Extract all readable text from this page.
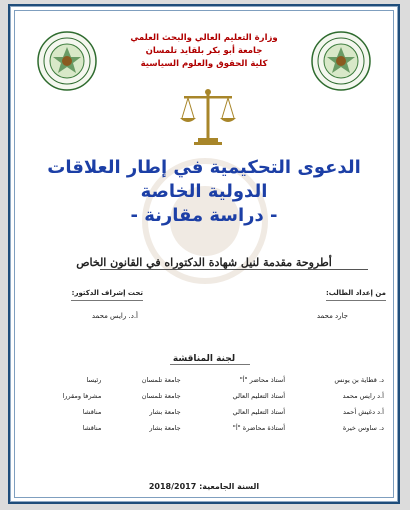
وزارة التعليم العالي والبحث العلمي
جامعة أبو بكر بلقايد تلمسان
كلية الحقوق والعلوم السياسية
الدعوى التحكيمية في إطار العلاقات
الدولية الخاصة
- دراسة مقارنة -
أطروحة مقدمة لنيل شهادة الدكتوراه في القانون الخاص
من إعداد الطالب:
جارد محمد
تحت إشراف الدكتور:
أ.د. رايس محمد
لجنة المناقشة
د. قطاية بن يونس	أستاذ محاضر "أ"	جامعة تلمسان	رئيسا
أ.د رايس محمد	أستاذ التعليم العالي	جامعة تلمسان	مشرفا ومقررا
أ.د دغيش أحمد	أستاذ التعليم العالي	جامعة بشار	مناقشا
د. ساوس خيرة	أستاذة محاضرة "أ"	جامعة بشار	مناقشا
السنة الجامعية: 2018/2017
